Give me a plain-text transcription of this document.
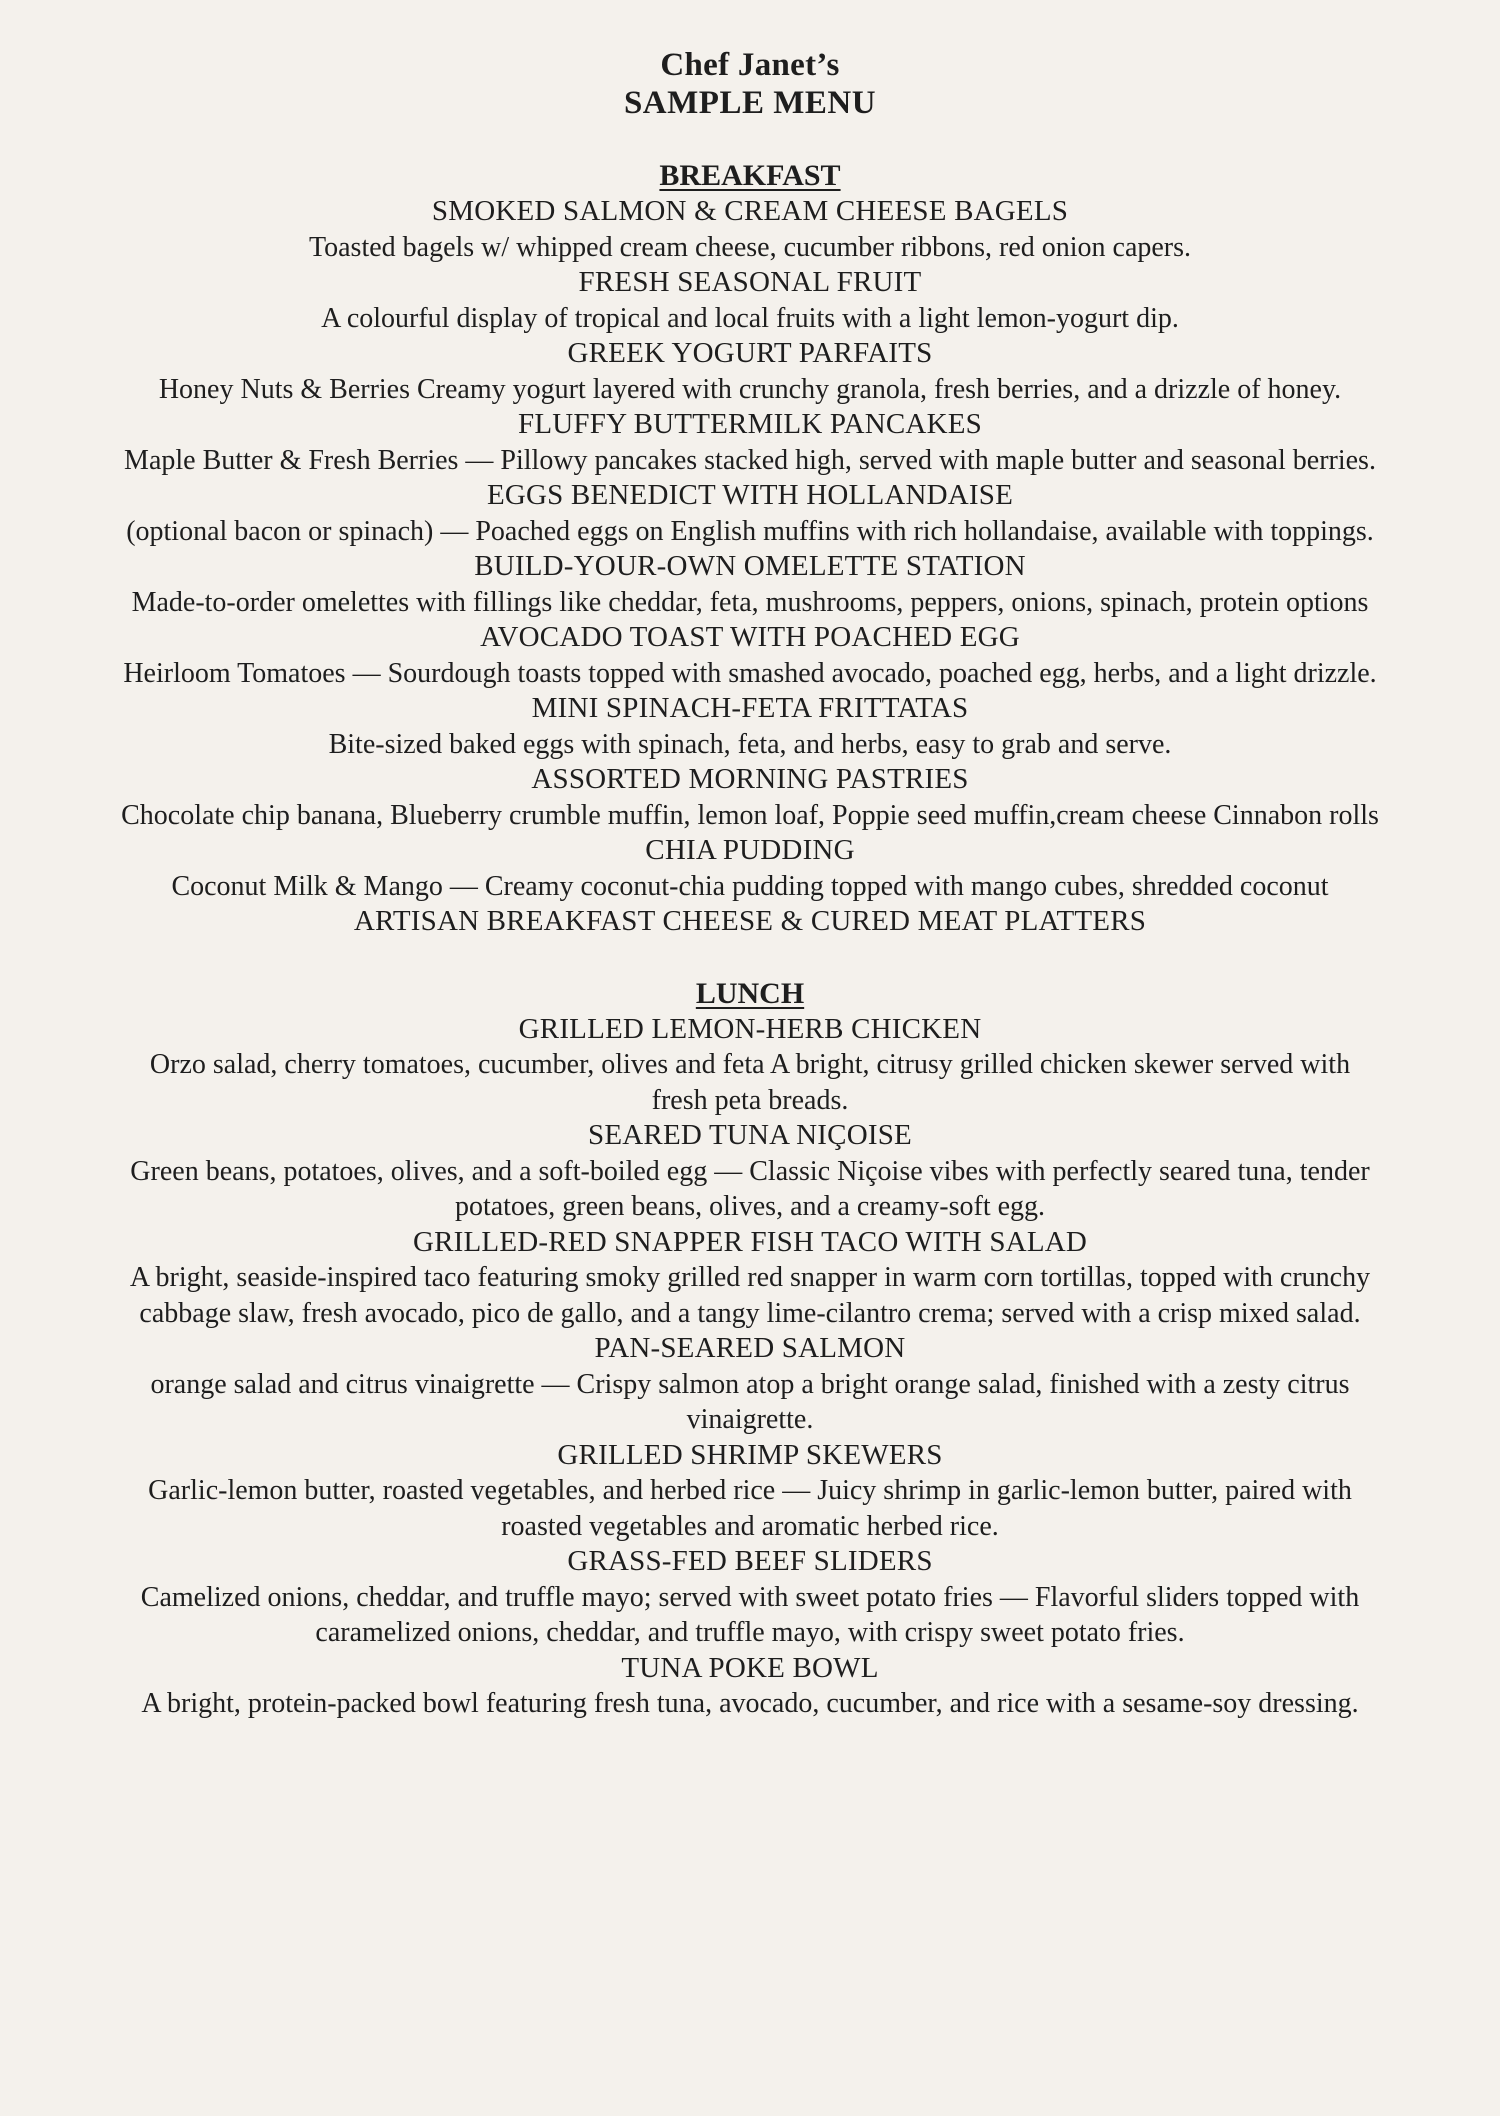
Chef Janet’s
SAMPLE MENU
BREAKFAST
SMOKED SALMON & CREAM CHEESE BAGELS
Toasted bagels w/ whipped cream cheese, cucumber ribbons, red onion capers.
FRESH SEASONAL FRUIT
A colourful display of tropical and local fruits with a light lemon-yogurt dip.
GREEK YOGURT PARFAITS
Honey Nuts & Berries Creamy yogurt layered with crunchy granola, fresh berries, and a drizzle of honey.
FLUFFY BUTTERMILK PANCAKES
Maple Butter & Fresh Berries — Pillowy pancakes stacked high, served with maple butter and seasonal berries.
EGGS BENEDICT WITH HOLLANDAISE
(optional bacon or spinach) — Poached eggs on English muffins with rich hollandaise, available with toppings.
BUILD-YOUR-OWN OMELETTE STATION
Made-to-order omelettes with fillings like cheddar, feta, mushrooms, peppers, onions, spinach, protein options
AVOCADO TOAST WITH POACHED EGG
Heirloom Tomatoes — Sourdough toasts topped with smashed avocado, poached egg, herbs, and a light drizzle.
MINI SPINACH-FETA FRITTATAS
Bite-sized baked eggs with spinach, feta, and herbs, easy to grab and serve.
ASSORTED MORNING PASTRIES
Chocolate chip banana, Blueberry crumble muffin, lemon loaf, Poppie seed muffin,cream cheese Cinnabon rolls
CHIA PUDDING
Coconut Milk & Mango — Creamy coconut-chia pudding topped with mango cubes, shredded coconut
ARTISAN BREAKFAST CHEESE & CURED MEAT PLATTERS
LUNCH
GRILLED LEMON-HERB CHICKEN
Orzo salad, cherry tomatoes, cucumber, olives and feta A bright, citrusy grilled chicken skewer served with fresh peta breads.
SEARED TUNA NIÇOISE
Green beans, potatoes, olives, and a soft-boiled egg — Classic Niçoise vibes with perfectly seared tuna, tender potatoes, green beans, olives, and a creamy-soft egg.
GRILLED-RED SNAPPER FISH TACO WITH SALAD
A bright, seaside-inspired taco featuring smoky grilled red snapper in warm corn tortillas, topped with crunchy cabbage slaw, fresh avocado, pico de gallo, and a tangy lime-cilantro crema; served with a crisp mixed salad.
PAN-SEARED SALMON
orange salad and citrus vinaigrette — Crispy salmon atop a bright orange salad, finished with a zesty citrus vinaigrette.
GRILLED SHRIMP SKEWERS
Garlic-lemon butter, roasted vegetables, and herbed rice — Juicy shrimp in garlic-lemon butter, paired with roasted vegetables and aromatic herbed rice.
GRASS-FED BEEF SLIDERS
Camelized onions, cheddar, and truffle mayo; served with sweet potato fries — Flavorful sliders topped with caramelized onions, cheddar, and truffle mayo, with crispy sweet potato fries.
TUNA POKE BOWL
A bright, protein-packed bowl featuring fresh tuna, avocado, cucumber, and rice with a sesame-soy dressing.
